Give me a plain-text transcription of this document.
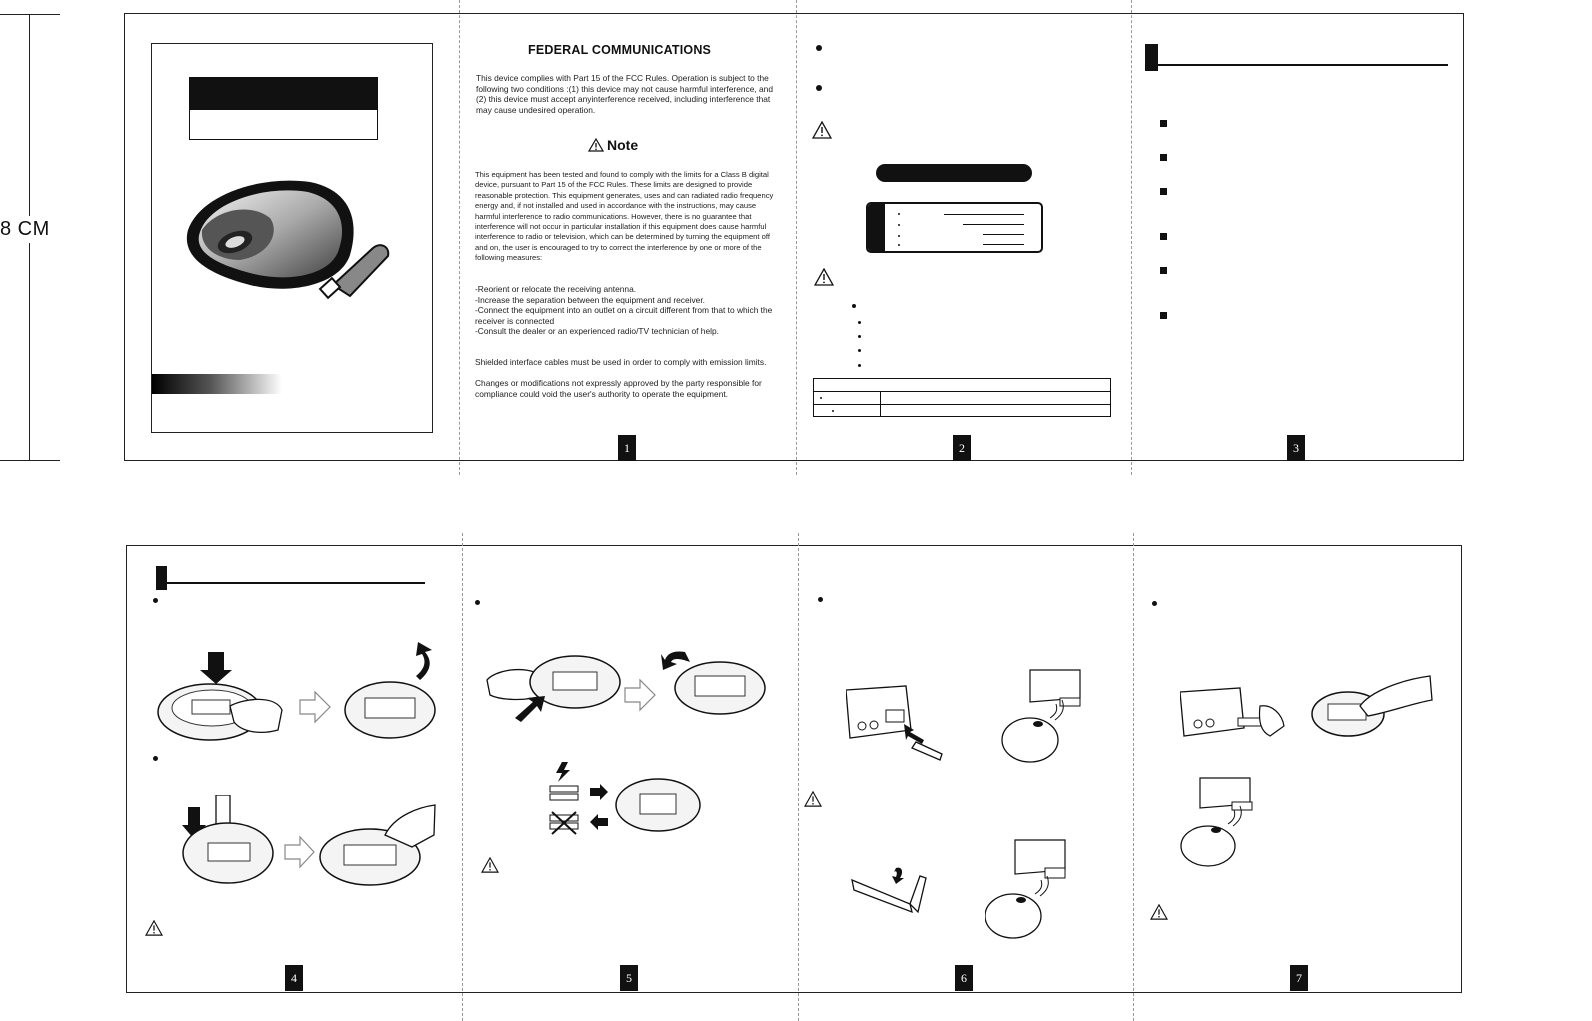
8 CM
FEDERAL COMMUNICATIONS

This device complies with Part 15 of the FCC Rules. Operation is subject to the following two conditions :(1) this device may not cause harmful interference, and (2) this device must accept anyinterference received, including interference that may cause undesired operation.

Note

This equipment has been tested and found to comply with the limits for a Class B digital device, pursuant to Part 15 of the FCC Rules. These limits are designed to provide reasonable protection. This equipment generates, uses and can radiated radio frequency energy and, if not installed and used in accordance with the instructions, may cause harmful interference to radio communications. However, there is no guarantee that interference will not occur in particular installation if this equipment does cause harmful interference to radio or television, which can be determined by turning the equipment off and on, the user is encouraged to try to correct the interference by one or more of the following measures:

-Reorient or relocate the receiving antenna.
-Increase the separation between the equipment and receiver.
-Connect the equipment into an outlet on a circuit different from that to which the receiver is connected
-Consult the dealer or an experienced radio/TV technician of help.

Shielded interface cables must be used in order to comply with emission limits.

Changes or modifications not expressly approved by the party responsible for compliance could void the user's authority to operate the equipment.

1	2	3
4	5	6	7
